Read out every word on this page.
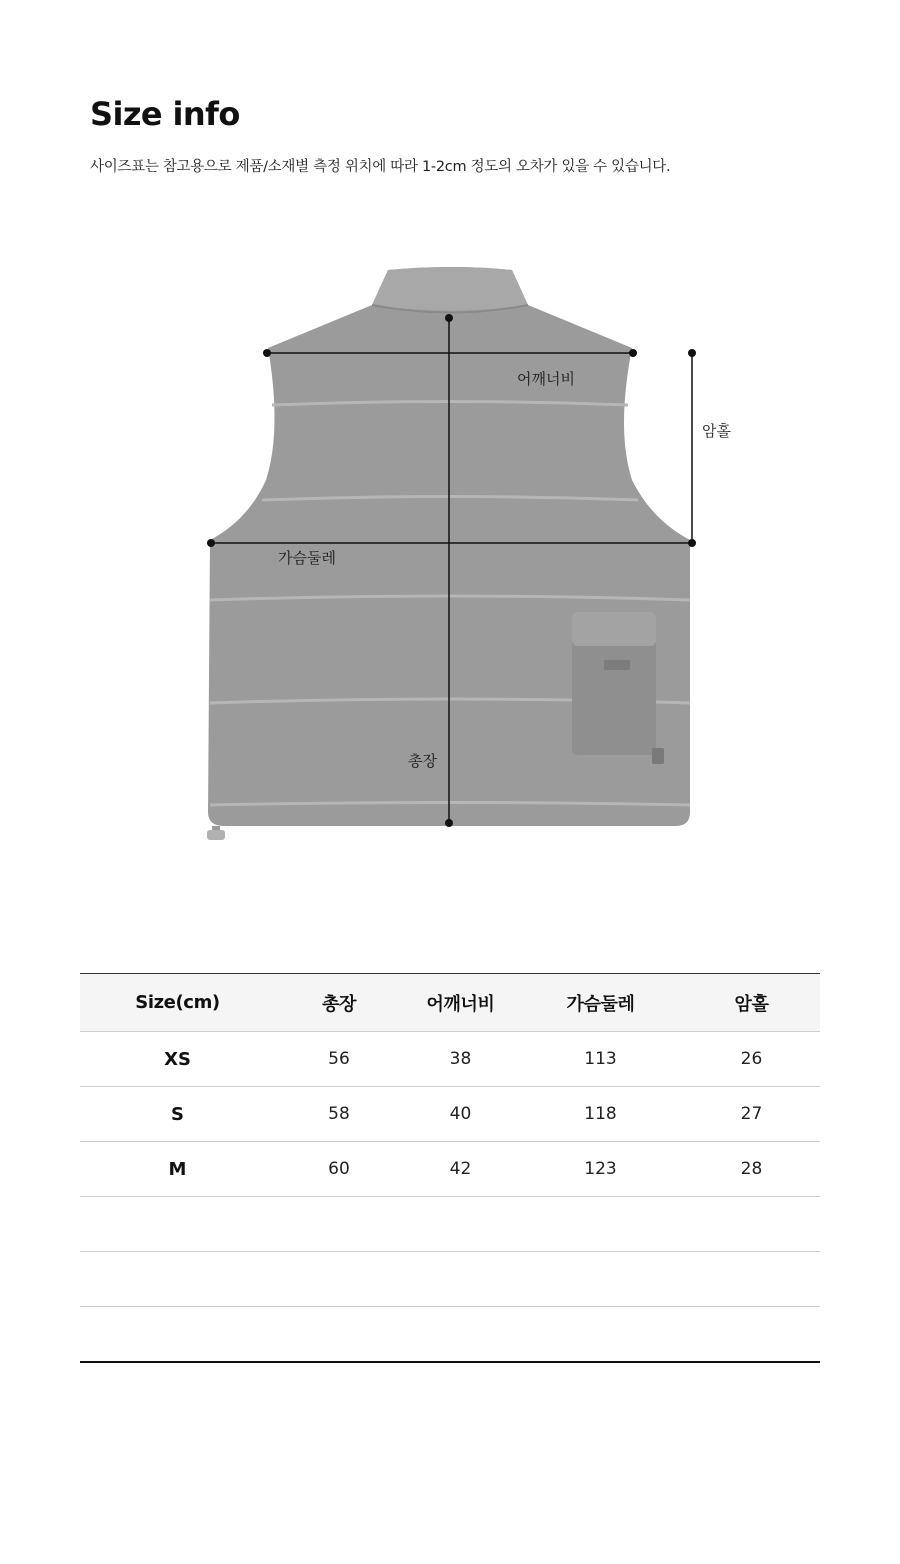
Size info

사이즈표는 참고용으로 제품/소재별 측정 위치에 따라 1-2cm 정도의 오차가 있을 수 있습니다.

어깨너비
암홀
가슴둘레
총장
Size(cm)	총장	어깨너비	가슴둘레	암홀
XS	56	38	113	26
S	58	40	118	27
M	60	42	123	28
